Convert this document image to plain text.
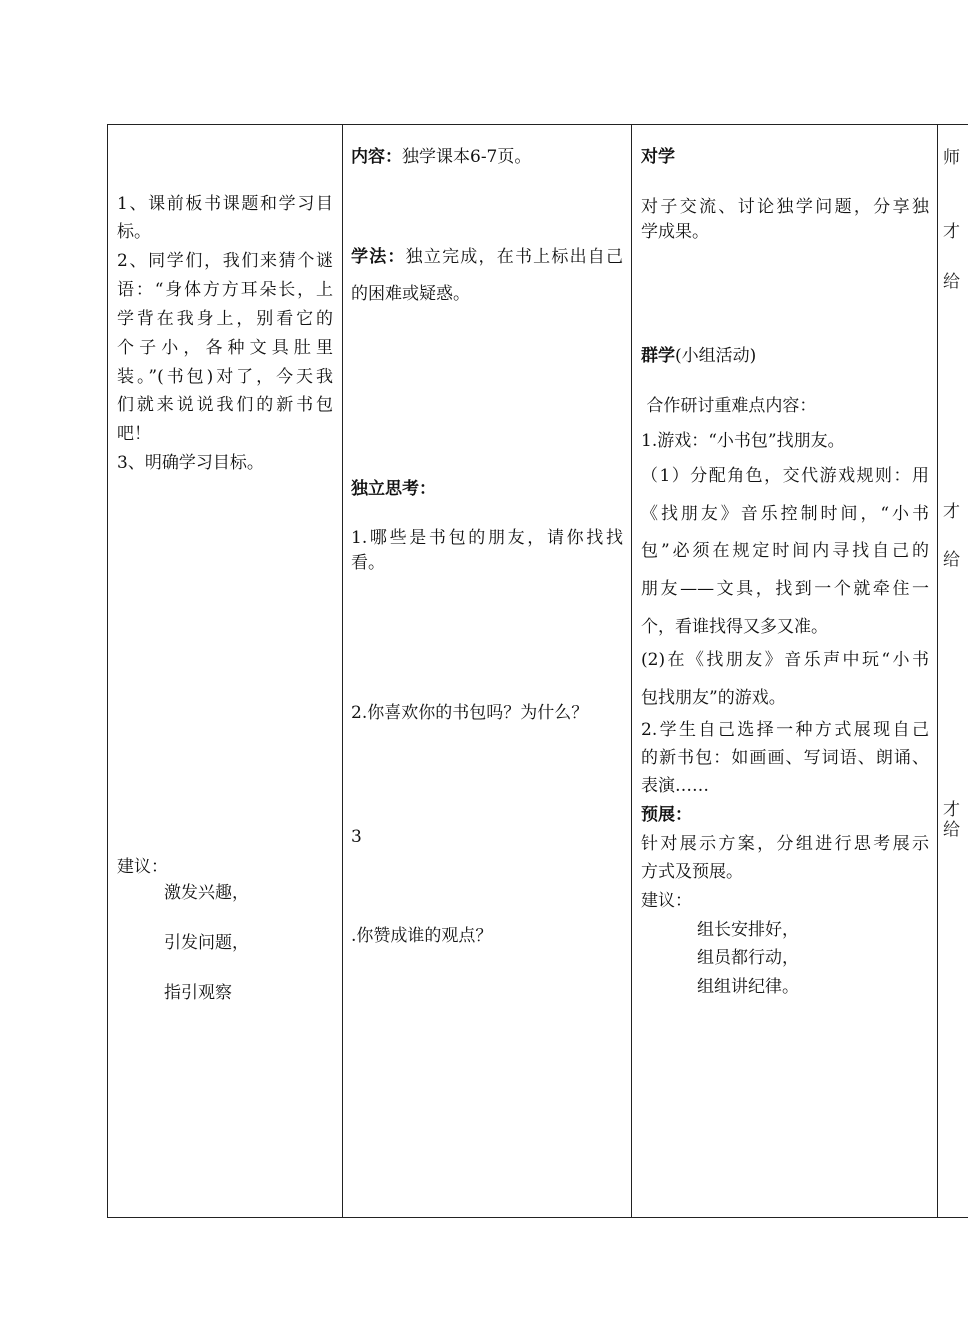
1、课前板书课题和学习目
标。
2、同学们，我们来猜个谜
语：“身体方方耳朵长，上
学背在我身上，别看它的
个子小，各种文具肚里
装。”(书包)对了，今天我
们就来说说我们的新书包
吧！
3、明确学习目标。
建议：
激发兴趣，
引发问题，
指引观察
内容：独学课本6-7页。
学法：独立完成，在书上标出自己
的困难或疑惑。
独立思考：
1.哪些是书包的朋友，请你找找
看。
2.你喜欢你的书包吗？为什么？
3
.你赞成谁的观点？
对学
对子交流、讨论独学问题，分享独
学成果。
群学(小组活动)
合作研讨重难点内容：
1.游戏：“小书包”找朋友。
（1）分配角色，交代游戏规则：用
《找朋友》音乐控制时间，“小书
包”必须在规定时间内寻找自己的
朋友——文具，找到一个就牵住一
个，看谁找得又多又准。
(2)在《找朋友》音乐声中玩“小书
包找朋友”的游戏。
2.学生自己选择一种方式展现自己
的新书包：如画画、写词语、朗诵、
表演……
预展：
针对展示方案，分组进行思考展示
方式及预展。
建议：
组长安排好，
组员都行动，
组组讲纪律。
师
才
给
才
给
才
给
